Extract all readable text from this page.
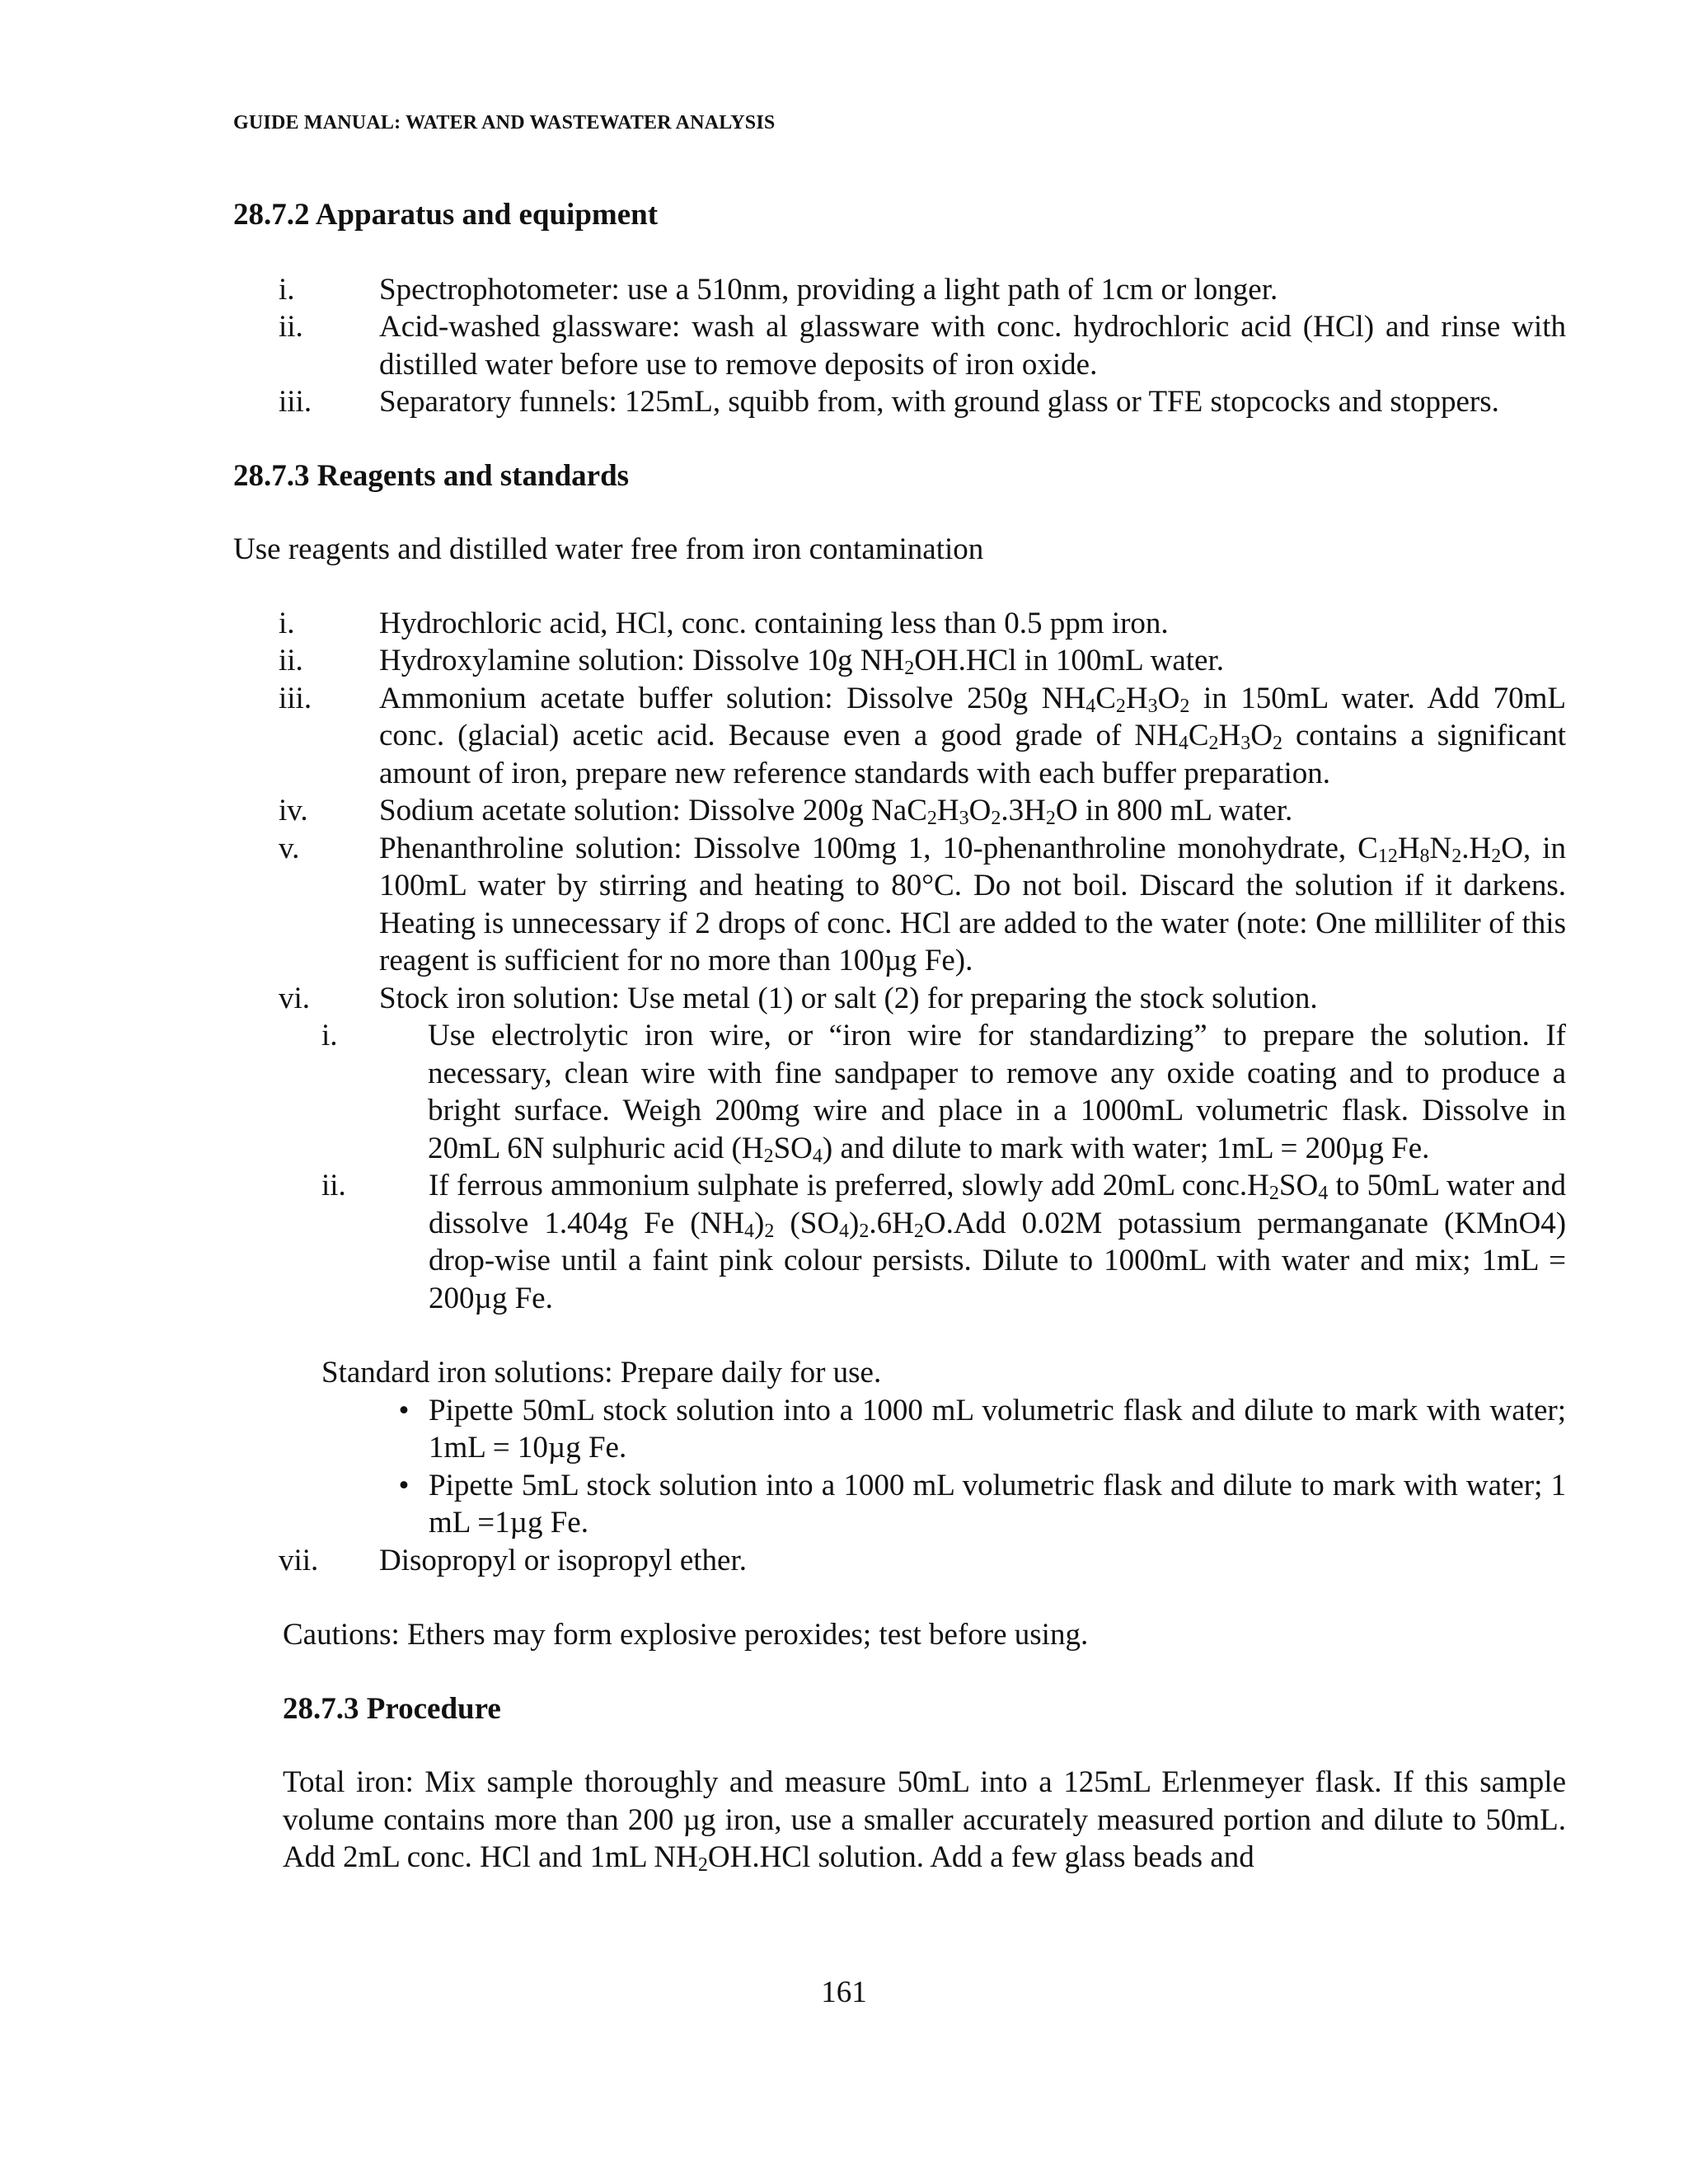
GUIDE MANUAL: WATER AND WASTEWATER ANALYSIS
28.7.2 Apparatus and equipment
i.	Spectrophotometer: use a 510nm, providing a light path of 1cm or longer.
ii.	Acid-washed glassware: wash al glassware with conc. hydrochloric acid (HCl) and rinse with distilled water before use to remove deposits of iron oxide.
iii.	Separatory funnels: 125mL, squibb from, with ground glass or TFE stopcocks and stoppers.
28.7.3 Reagents and standards
Use reagents and distilled water free from iron contamination
i.	Hydrochloric acid, HCl, conc. containing less than 0.5 ppm iron.
ii.	Hydroxylamine solution: Dissolve 10g $NH_2OH.HCl$ in 100mL water.
iii.	Ammonium acetate buffer solution: Dissolve 250g $NH_4C_2H_3O_2$ in 150mL water. Add 70mL conc. (glacial) acetic acid. Because even a good grade of $NH_4C_2H_3O_2$ contains a significant amount of iron, prepare new reference standards with each buffer preparation.
iv.	Sodium acetate solution: Dissolve 200g $NaC_2H_3O_2.3H_2O$ in 800 mL water.
v.	Phenanthroline solution: Dissolve 100mg 1, 10-phenanthroline monohydrate, $C_{12}H_8N_2.H_2O$, in 100mL water by stirring and heating to 80°C. Do not boil. Discard the solution if it darkens. Heating is unnecessary if 2 drops of conc. HCl are added to the water (note: One milliliter of this reagent is sufficient for no more than 100µg Fe).
vi.	Stock iron solution: Use metal (1) or salt (2) for preparing the stock solution.
i.	Use electrolytic iron wire, or “iron wire for standardizing” to prepare the solution. If necessary, clean wire with fine sandpaper to remove any oxide coating and to produce a bright surface. Weigh 200mg wire and place in a 1000mL volumetric flask. Dissolve in 20mL 6N sulphuric acid $(H_2SO_4)$ and dilute to mark with water; 1mL = 200µg Fe.
ii.	If ferrous ammonium sulphate is preferred, slowly add 20mL $conc.H_2SO_4$ to 50mL water and dissolve 1.404g Fe $(NH_4)_2$ $(SO_4)_2.6H_2O.Add$ 0.02M potassium permanganate (KMnO4) drop-wise until a faint pink colour persists. Dilute to 1000mL with water and mix; 1mL = 200µg Fe.
Standard iron solutions: Prepare daily for use.
• Pipette 50mL stock solution into a 1000 mL volumetric flask and dilute to mark with water; 1mL = 10µg Fe.
• Pipette 5mL stock solution into a 1000 mL volumetric flask and dilute to mark with water; 1 mL =1µg Fe.
vii.	Disopropyl or isopropyl ether.
Cautions: Ethers may form explosive peroxides; test before using.
28.7.3 Procedure
Total iron: Mix sample thoroughly and measure 50mL into a 125mL Erlenmeyer flask. If this sample volume contains more than 200 µg iron, use a smaller accurately measured portion and dilute to 50mL. Add 2mL conc. HCl and 1mL $NH_2OH.HCl$ solution. Add a few glass beads and
161
